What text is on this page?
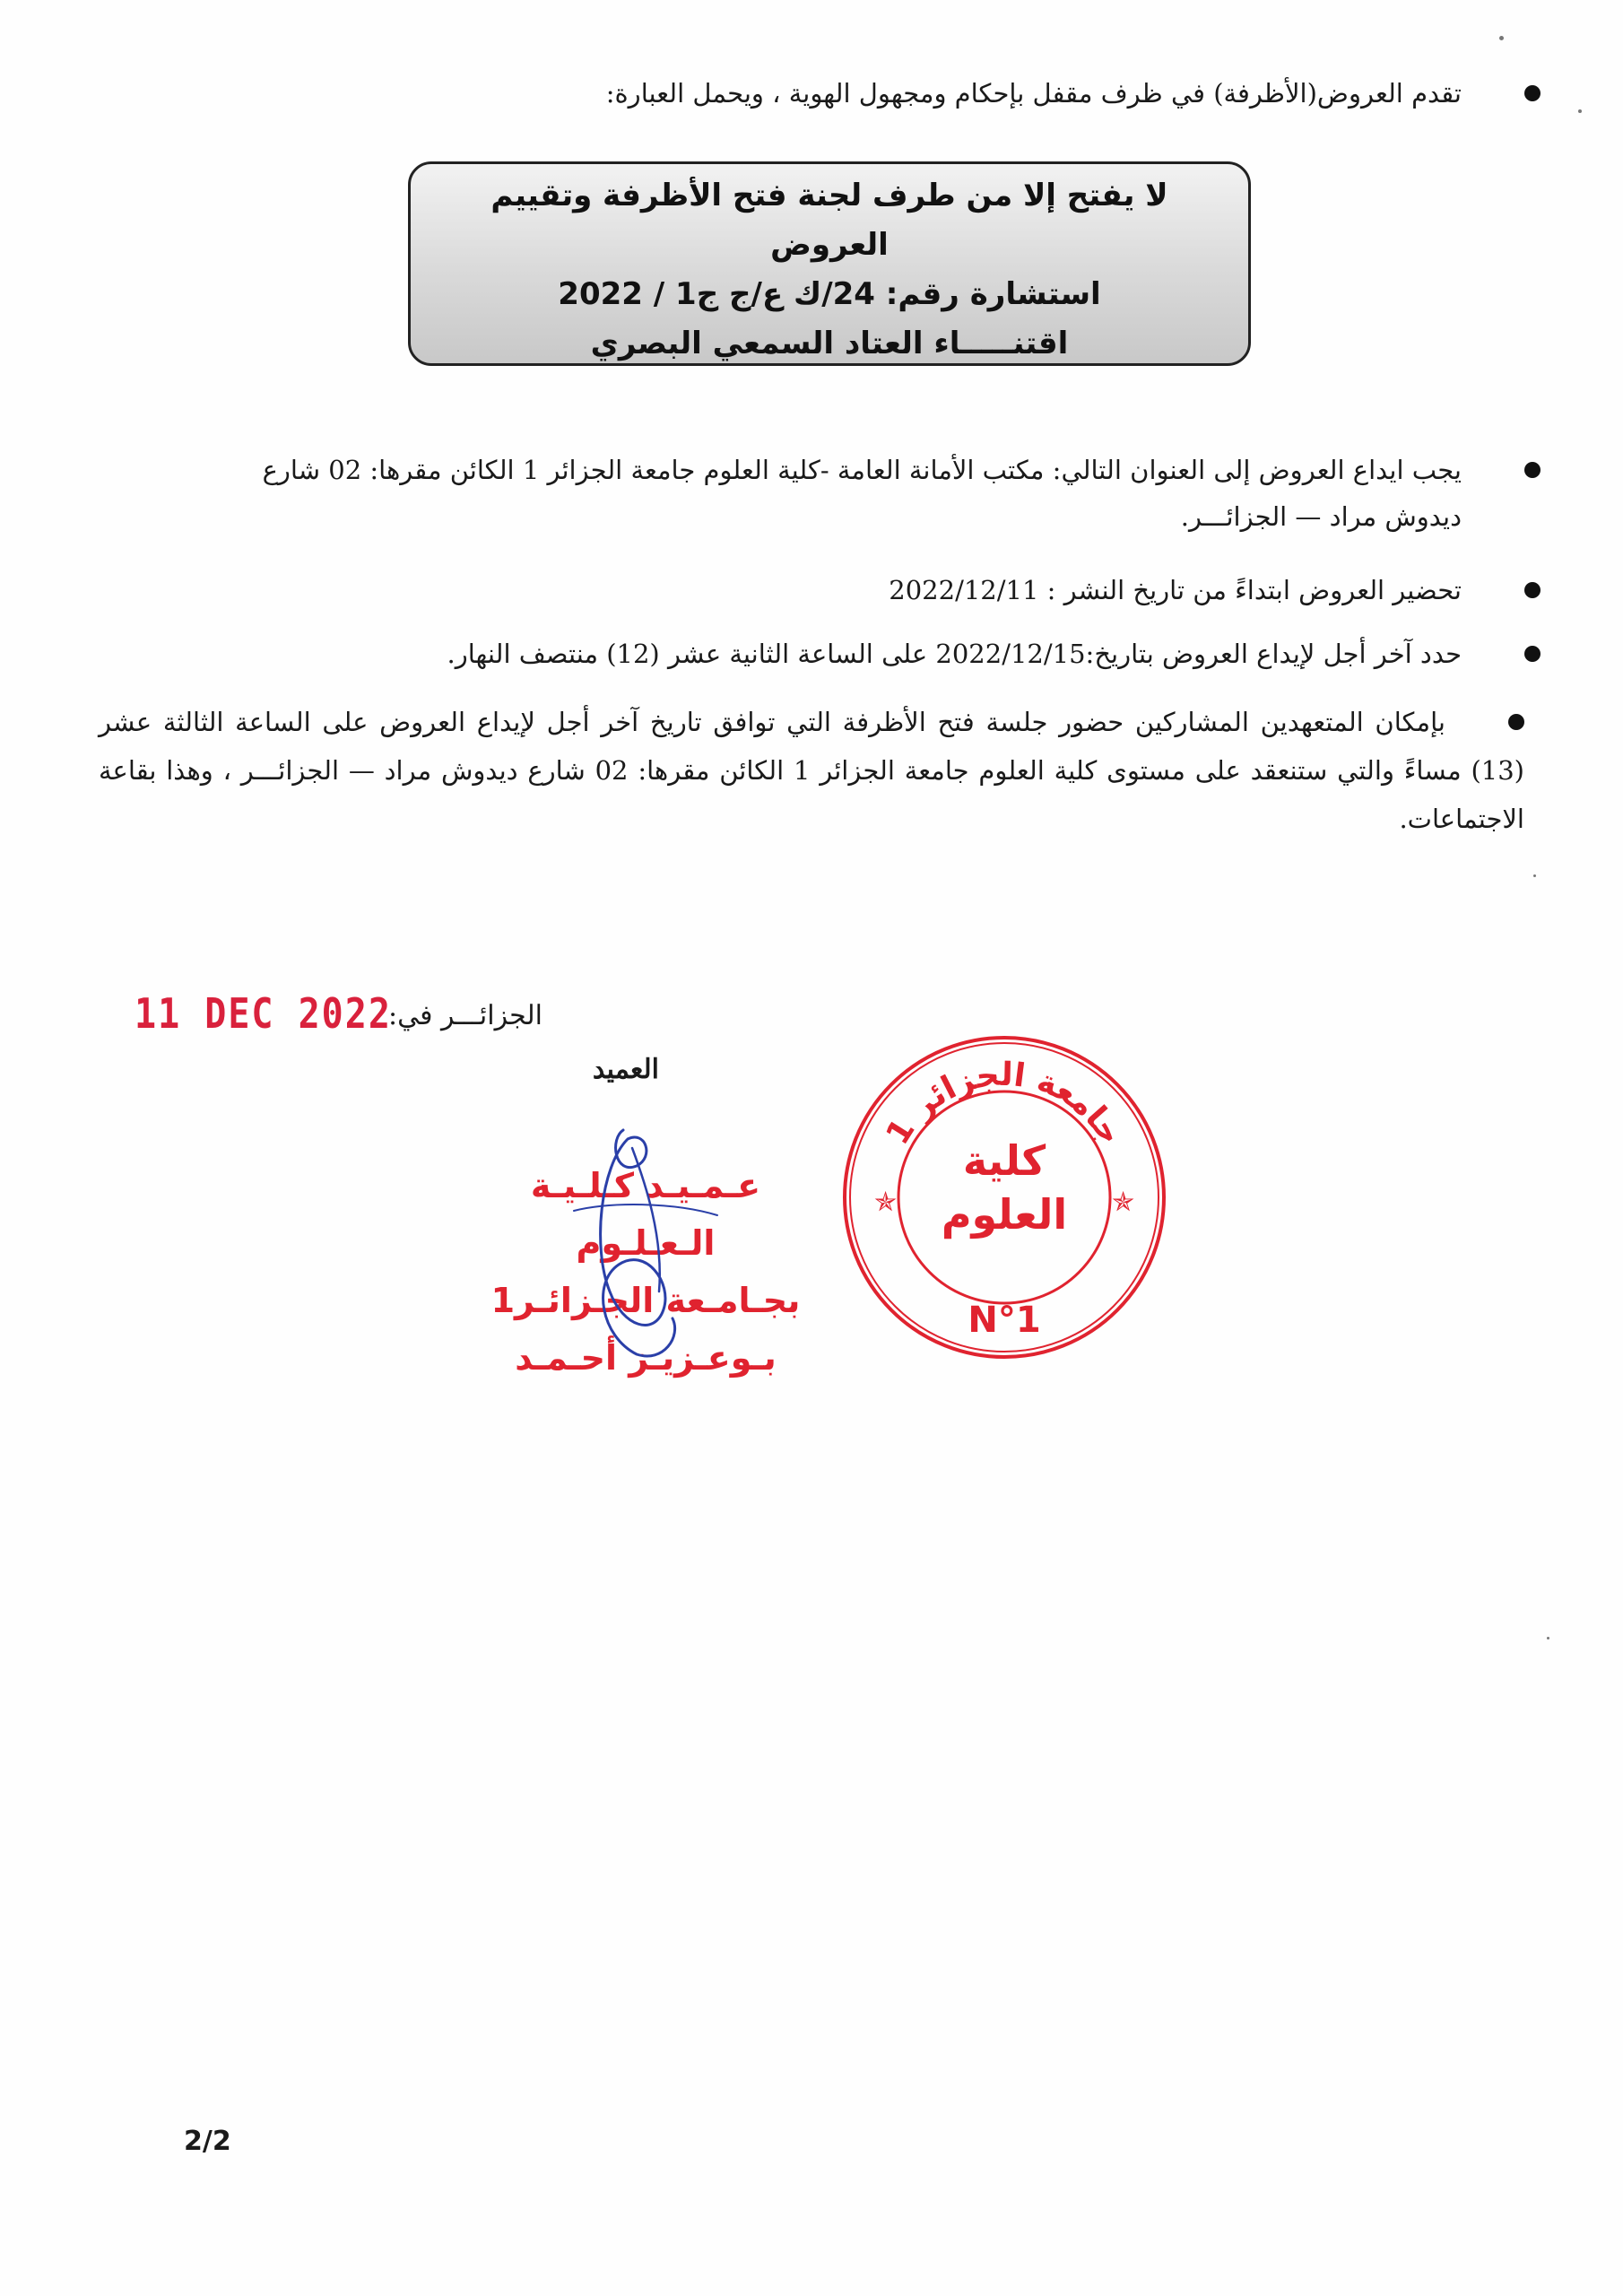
تقدم العروض(الأظرفة) في ظرف مقفل بإحكام ومجهول الهوية ، ويحمل العبارة:
لا يفتح إلا من طرف لجنة فتح الأظرفة وتقييم العروض
استشارة رقم: 24/ك ع/ج ج1 / 2022
اقتنـــــاء العتاد السمعي البصري
يجب ايداع العروض إلى العنوان التالي: مكتب الأمانة العامة -كلية العلوم جامعة الجزائر 1 الكائن مقرها: 02 شارع ديدوش مراد — الجزائـــر.
تحضير العروض ابتداءً من تاريخ النشر : 2022/12/11
حدد آخر أجل لإيداع العروض بتاريخ:2022/12/15 على الساعة الثانية عشر (12) منتصف النهار.
بإمكان المتعهدين المشاركين حضور جلسة فتح الأظرفة التي توافق تاريخ آخر أجل لإيداع العروض على الساعة الثالثة عشر (13) مساءً والتي ستنعقد على مستوى كلية العلوم جامعة الجزائر 1 الكائن مقرها: 02 شارع ديدوش مراد — الجزائـــر ، وهذا بقاعة الاجتماعات.
الجزائـــر في:
11 DEC 2022
العميد
عـمـيـد كـلـيـة الـعـلـوم
بجـامـعة الجـزائـر1
بـوعـزيـز أحـمـد
جامعة الجزائر 1
✯	✯
كلية
العلوم
N°1
2/2
